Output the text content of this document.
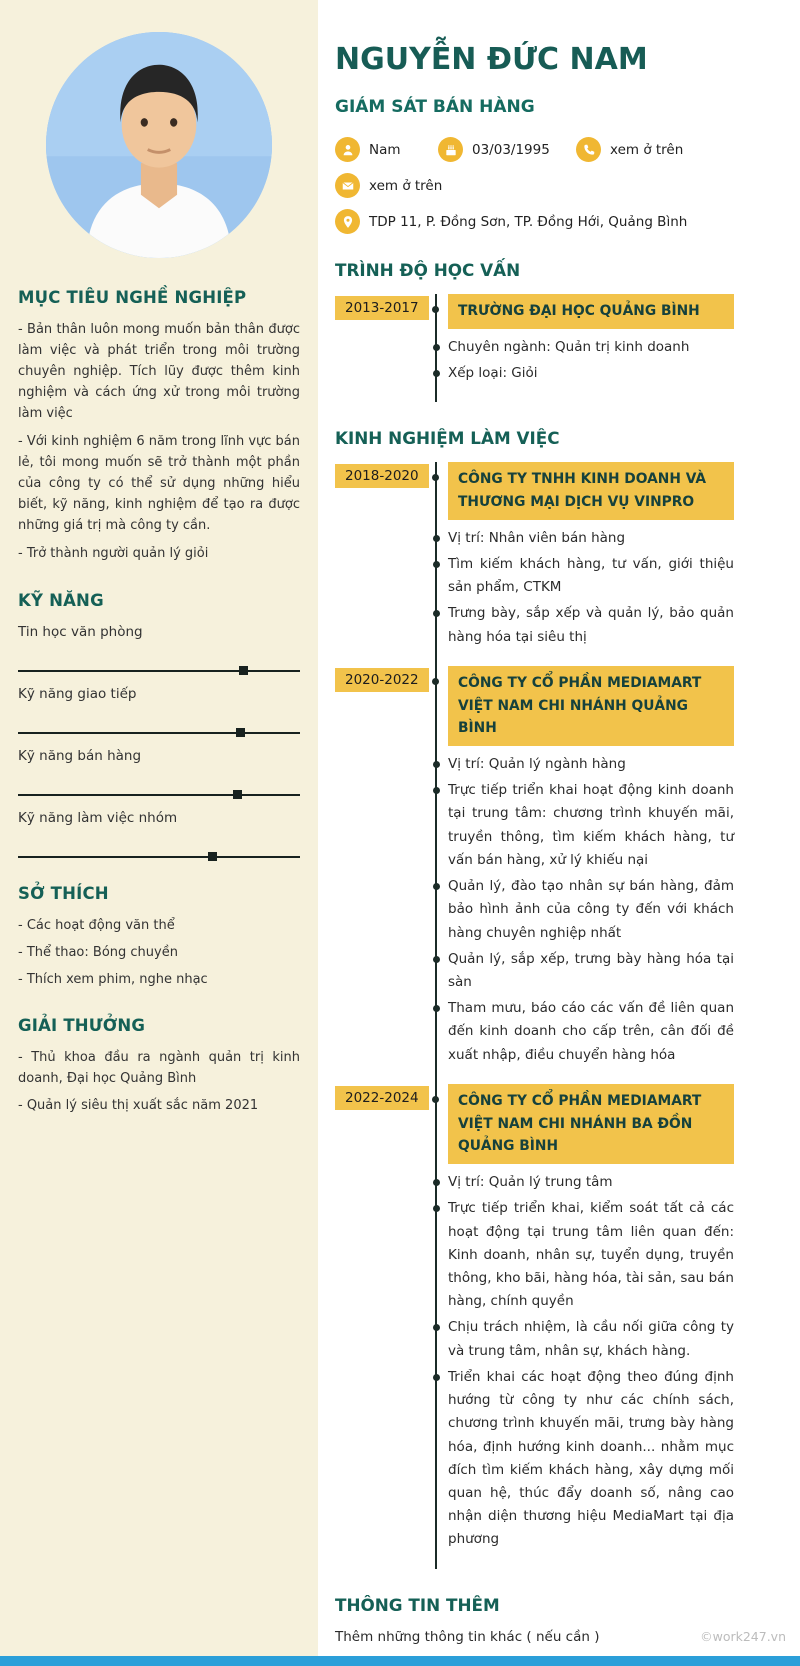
MỤC TIÊU NGHỀ NGHIỆP

- Bản thân luôn mong muốn bản thân được làm việc và phát triển trong môi trường chuyên nghiệp. Tích lũy được thêm kinh nghiệm và cách ứng xử trong môi trường làm việc

- Với kinh nghiệm 6 năm trong lĩnh vực bán lẻ, tôi mong muốn sẽ trở thành một phần của công ty có thể sử dụng những hiểu biết, kỹ năng, kinh nghiệm để tạo ra được những giá trị mà công ty cần.

- Trở thành người quản lý giỏi

KỸ NĂNG
Tin học văn phòng
Kỹ năng giao tiếp
Kỹ năng bán hàng
Kỹ năng làm việc nhóm
SỞ THÍCH
- Các hoạt động văn thể
- Thể thao: Bóng chuyền
- Thích xem phim, nghe nhạc
GIẢI THƯỞNG
- Thủ khoa đầu ra ngành quản trị kinh doanh, Đại học Quảng Bình
- Quản lý siêu thị xuất sắc năm 2021
NGUYỄN ĐỨC NAM
GIÁM SÁT BÁN HÀNG
Nam	03/03/1995	xem ở trên
xem ở trên
TDP 11, P. Đồng Sơn, TP. Đồng Hới, Quảng Bình
TRÌNH ĐỘ HỌC VẤN
2013-2017	TRƯỜNG ĐẠI HỌC QUẢNG BÌNH
Chuyên ngành: Quản trị kinh doanh
Xếp loại: Giỏi
KINH NGHIỆM LÀM VIỆC
2018-2020	CÔNG TY TNHH KINH DOANH VÀ THƯƠNG MẠI DỊCH VỤ VINPRO
Vị trí: Nhân viên bán hàng
Tìm kiếm khách hàng, tư vấn, giới thiệu sản phẩm, CTKM
Trưng bày, sắp xếp và quản lý, bảo quản hàng hóa tại siêu thị
2020-2022	CÔNG TY CỔ PHẦN MEDIAMART VIỆT NAM CHI NHÁNH QUẢNG BÌNH
Vị trí: Quản lý ngành hàng
Trực tiếp triển khai hoạt động kinh doanh tại trung tâm: chương trình khuyến mãi, truyền thông, tìm kiếm khách hàng, tư vấn bán hàng, xử lý khiếu nại
Quản lý, đào tạo nhân sự bán hàng, đảm bảo hình ảnh của công ty đến với khách hàng chuyên nghiệp nhất
Quản lý, sắp xếp, trưng bày hàng hóa tại sàn
Tham mưu, báo cáo các vấn đề liên quan đến kinh doanh cho cấp trên, cân đối đề xuất nhập, điều chuyển hàng hóa
2022-2024	CÔNG TY CỔ PHẦN MEDIAMART VIỆT NAM CHI NHÁNH BA ĐỒN QUẢNG BÌNH
Vị trí: Quản lý trung tâm
Trực tiếp triển khai, kiểm soát tất cả các hoạt động tại trung tâm liên quan đến: Kinh doanh, nhân sự, tuyển dụng, truyền thông, kho bãi, hàng hóa, tài sản, sau bán hàng, chính quyền
Chịu trách nhiệm, là cầu nối giữa công ty và trung tâm, nhân sự, khách hàng.
Triển khai các hoạt động theo đúng định hướng từ công ty như các chính sách, chương trình khuyến mãi, trưng bày hàng hóa, định hướng kinh doanh... nhằm mục đích tìm kiếm khách hàng, xây dựng mối quan hệ, thúc đẩy doanh số, nâng cao nhận diện thương hiệu MediaMart tại địa phương
THÔNG TIN THÊM

Thêm những thông tin khác ( nếu cần )	©work247.vn
